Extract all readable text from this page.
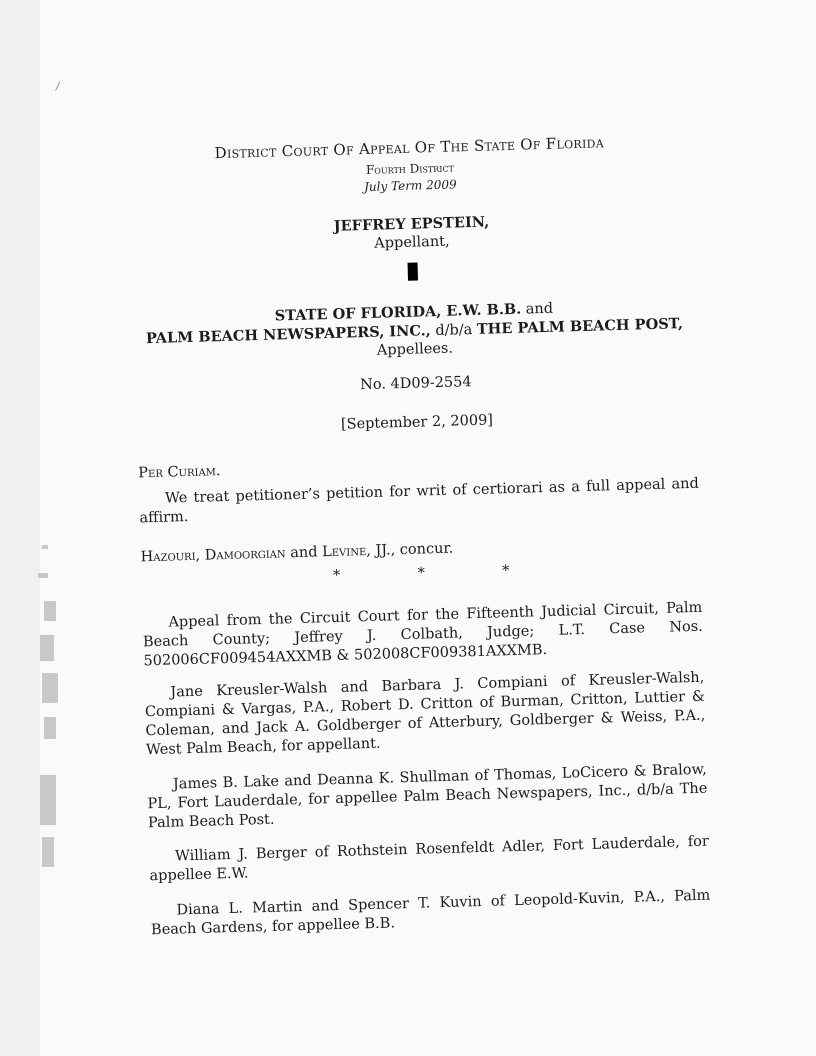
District Court Of Appeal Of The State Of Florida
Fourth District
July Term 2009
JEFFREY EPSTEIN,
Appellant,
STATE OF FLORIDA, E.W. B.B. and
PALM BEACH NEWSPAPERS, INC., d/b/a THE PALM BEACH POST,
Appellees.
No. 4D09-2554
[September 2, 2009]
Per Curiam.
We treat petitioner’s petition for writ of certiorari as a full appeal and affirm.
Hazouri, Damoorgian and Levine, JJ., concur.
*	*	*
Appeal from the Circuit Court for the Fifteenth Judicial Circuit, Palm Beach County; Jeffrey J. Colbath, Judge; L.T. Case Nos. 502006CF009454AXXMB & 502008CF009381AXXMB.
Jane Kreusler-Walsh and Barbara J. Compiani of Kreusler-Walsh, Compiani & Vargas, P.A., Robert D. Critton of Burman, Critton, Luttier & Coleman, and Jack A. Goldberger of Atterbury, Goldberger & Weiss, P.A., West Palm Beach, for appellant.
James B. Lake and Deanna K. Shullman of Thomas, LoCicero & Bralow, PL, Fort Lauderdale, for appellee Palm Beach Newspapers, Inc., d/b/a The Palm Beach Post.
William J. Berger of Rothstein Rosenfeldt Adler, Fort Lauderdale, for appellee E.W.
Diana L. Martin and Spencer T. Kuvin of Leopold-Kuvin, P.A., Palm Beach Gardens, for appellee B.B.
